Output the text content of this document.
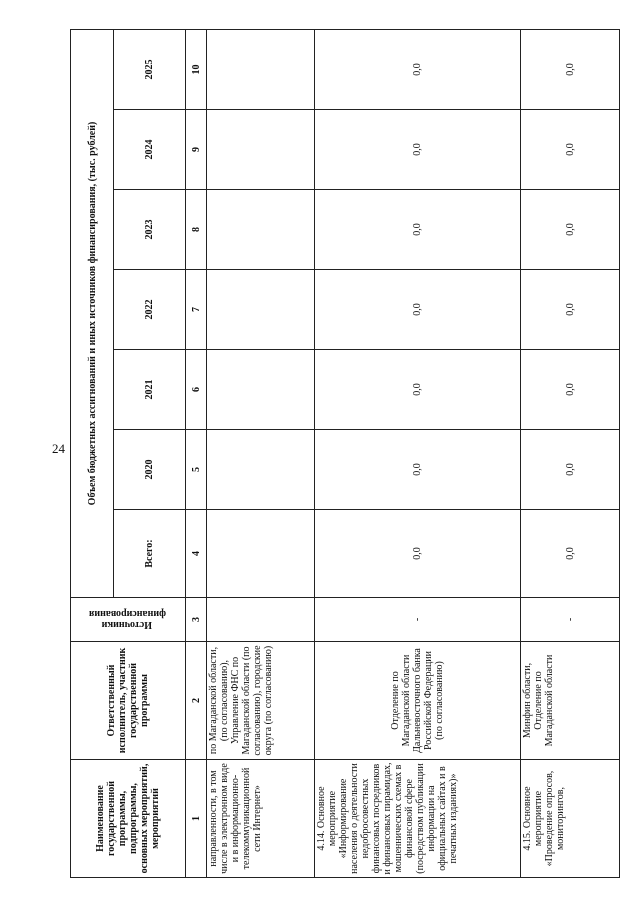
24
Наименование государственной программы, подпрограммы, основных мероприятий, мероприятий	Ответственный исполнитель, участник государственной программы	Источники финансирования	Объем бюджетных ассигнований и иных источников финансирования, (тыс. рублей)						
			Всего:	2020	2021	2022	2023	2024	2025
1	2	3	4	5	6	7	8	9	10
направленности, в том числе в электронном виде и в информационно-телекоммуникационной сети Интернет»	по Магаданской области, (по согласованию), Управление ФНС по Магаданской области (по согласованию), городские округа (по согласованию)								
4.14. Основное мероприятие «Информирование населения о деятельности недобросовестных финансовых посредников и финансовых пирамидах, мошеннических схемах в финансовой сфере (посредством публикации информации на официальных сайтах и в печатных изданиях)»	Отделение по Магаданской области Дальневосточного банка Российской Федерации (по согласованию)	-	0,0	0,0	0,0	0,0	0,0	0,0	0,0
4.15. Основное мероприятие «Проведение опросов, мониторингов,	Минфин области, Отделение по Магаданской области	-	0,0	0,0	0,0	0,0	0,0	0,0	0,0
